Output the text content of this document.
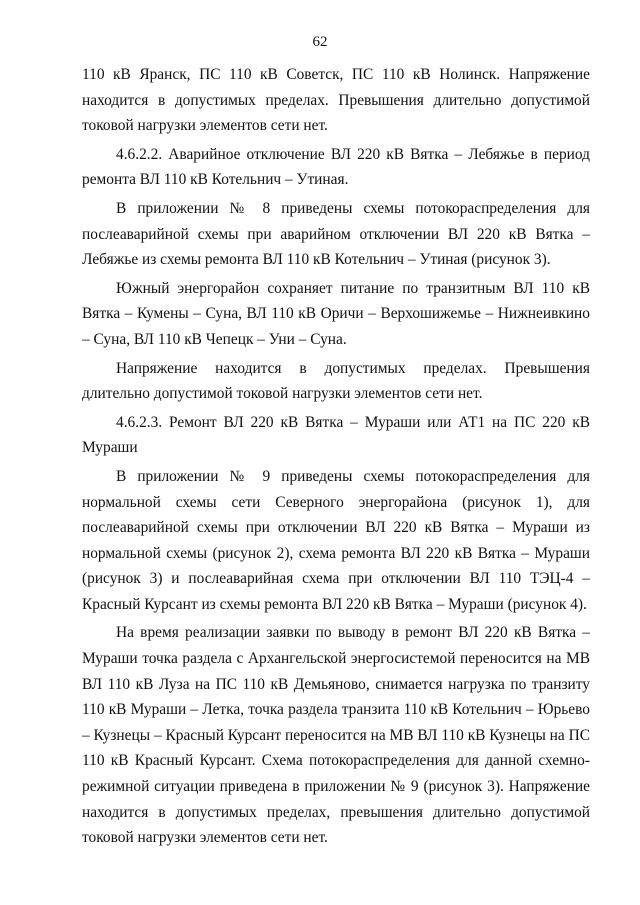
62

110 кВ Яранск, ПС 110 кВ Советск, ПС 110 кВ Нолинск. Напряжение находится в допустимых пределах. Превышения длительно допустимой токовой нагрузки элементов сети нет.

4.6.2.2. Аварийное отключение ВЛ 220 кВ Вятка – Лебяжье в период ремонта ВЛ 110 кВ Котельнич – Утиная.

В приложении № 8 приведены схемы потокораспределения для послеаварийной схемы при аварийном отключении ВЛ 220 кВ Вятка – Лебяжье из схемы ремонта ВЛ 110 кВ Котельнич – Утиная (рисунок 3).

Южный энергорайон сохраняет питание по транзитным ВЛ 110 кВ Вятка – Кумены – Суна, ВЛ 110 кВ Оричи – Верхошижемье – Нижнеивкино – Суна, ВЛ 110 кВ Чепецк – Уни – Суна.

Напряжение находится в допустимых пределах. Превышения длительно допустимой токовой нагрузки элементов сети нет.

4.6.2.3. Ремонт ВЛ 220 кВ Вятка – Мураши или АТ1 на ПС 220 кВ Мураши

В приложении № 9 приведены схемы потокораспределения для нормальной схемы сети Северного энергорайона (рисунок 1), для послеаварийной схемы при отключении ВЛ 220 кВ Вятка – Мураши из нормальной схемы (рисунок 2), схема ремонта ВЛ 220 кВ Вятка – Мураши (рисунок 3) и послеаварийная схема при отключении ВЛ 110 ТЭЦ-4 – Красный Курсант из схемы ремонта ВЛ 220 кВ Вятка – Мураши (рисунок 4).

На время реализации заявки по выводу в ремонт ВЛ 220 кВ Вятка – Мураши точка раздела с Архангельской энергосистемой переносится на МВ ВЛ 110 кВ Луза на ПС 110 кВ Демьяново, снимается нагрузка по транзиту 110 кВ Мураши – Летка, точка раздела транзита 110 кВ Котельнич – Юрьево – Кузнецы – Красный Курсант переносится на МВ ВЛ 110 кВ Кузнецы на ПС 110 кВ Красный Курсант. Схема потокораспределения для данной схемно-режимной ситуации приведена в приложении № 9 (рисунок 3). Напряжение находится в допустимых пределах, превышения длительно допустимой токовой нагрузки элементов сети нет.
